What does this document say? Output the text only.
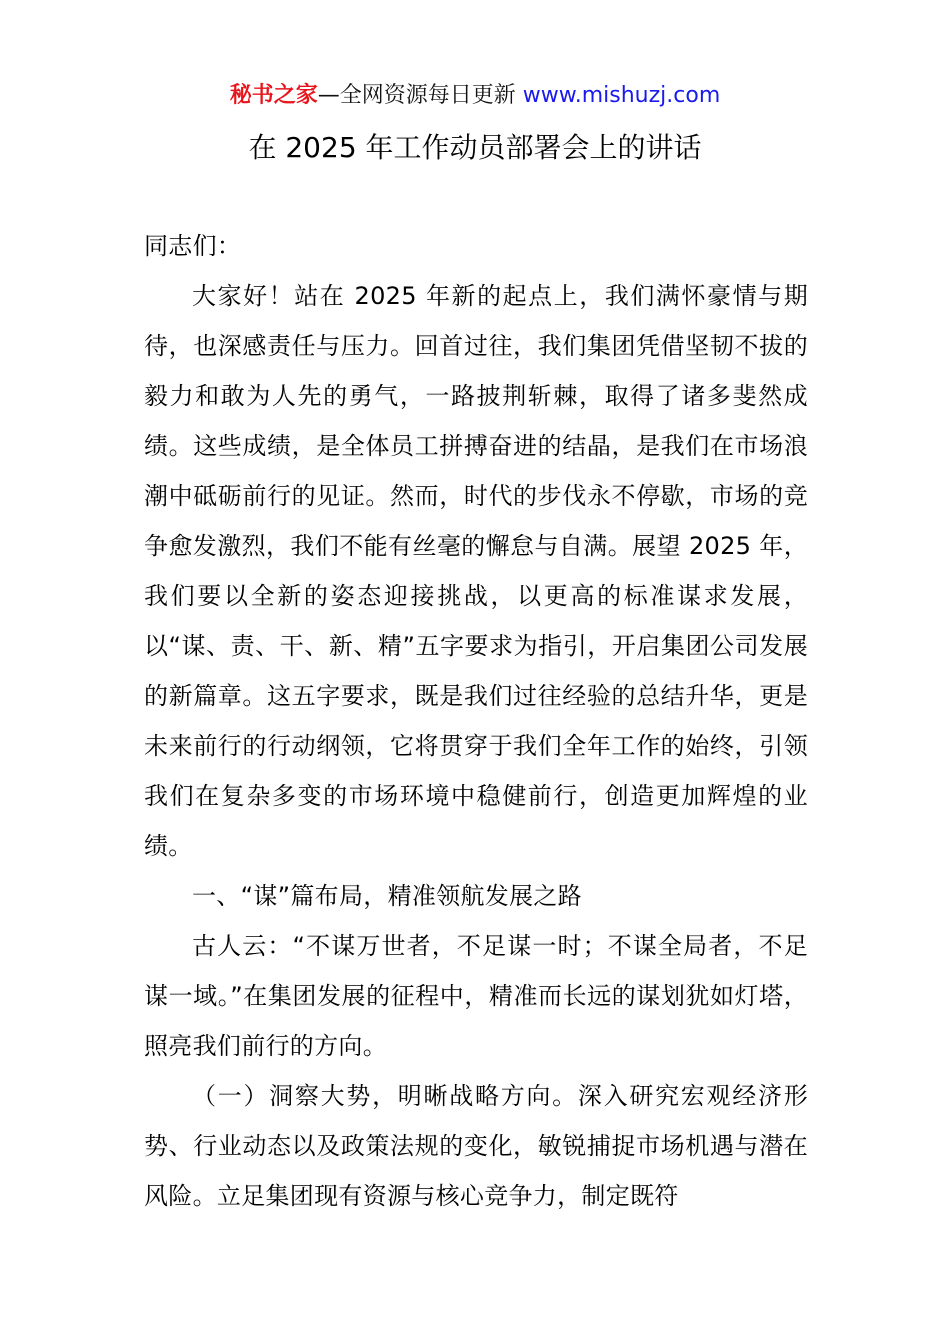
秘书之家—全网资源每日更新 www.mishuzj.com
在 2025 年工作动员部署会上的讲话

同志们：

大家好！站在 2025 年新的起点上，我们满怀豪情与期待，也深感责任与压力。回首过往，我们集团凭借坚韧不拔的毅力和敢为人先的勇气，一路披荆斩棘，取得了诸多斐然成绩。这些成绩，是全体员工拼搏奋进的结晶，是我们在市场浪潮中砥砺前行的见证。然而，时代的步伐永不停歇，市场的竞争愈发激烈，我们不能有丝毫的懈怠与自满。展望 2025 年，我们要以全新的姿态迎接挑战，以更高的标准谋求发展，以“谋、责、干、新、精”五字要求为指引，开启集团公司发展的新篇章。这五字要求，既是我们过往经验的总结升华，更是未来前行的行动纲领，它将贯穿于我们全年工作的始终，引领我们在复杂多变的市场环境中稳健前行，创造更加辉煌的业绩。

一、“谋”篇布局，精准领航发展之路

古人云：“不谋万世者，不足谋一时；不谋全局者，不足谋一域。”在集团发展的征程中，精准而长远的谋划犹如灯塔，照亮我们前行的方向。

（一）洞察大势，明晰战略方向。深入研究宏观经济形势、行业动态以及政策法规的变化，敏锐捕捉市场机遇与潜在风险。立足集团现有资源与核心竞争力，制定既符
